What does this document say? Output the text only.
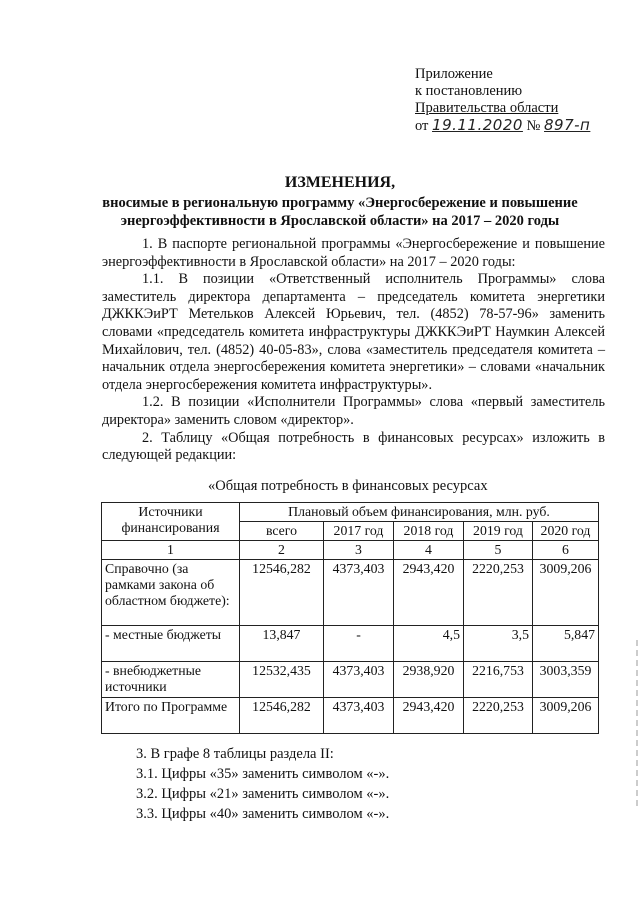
Приложение
к постановлению
Правительства области
от 19.11.2020 № 897-п
ИЗМЕНЕНИЯ,
вносимые в региональную программу «Энергосбережение и повышение энергоэффективности в Ярославской области» на 2017 – 2020 годы

1. В паспорте региональной программы «Энергосбережение и повышение энергоэффективности в Ярославской области» на 2017 – 2020 годы:

1.1. В позиции «Ответственный исполнитель Программы» слова заместитель директора департамента – председатель комитета энергетики ДЖККЭиРТ Метельков Алексей Юрьевич, тел. (4852) 78-57-96» заменить словами «председатель комитета инфраструктуры ДЖККЭиРТ Наумкин Алексей Михайлович, тел. (4852) 40-05-83», слова «заместитель председателя комитета – начальник отдела энергосбережения комитета энергетики» – словами «начальник отдела энергосбережения комитета инфраструктуры».

1.2. В позиции «Исполнители Программы» слова «первый заместитель директора» заменить словом «директор».

2. Таблицу «Общая потребность в финансовых ресурсах» изложить в следующей редакции:

«Общая потребность в финансовых ресурсах
Источники финансирования	Плановый объем финансирования, млн. руб.				
	всего	2017 год	2018 год	2019 год	2020 год
1	2	3	4	5	6
Справочно (за рамками закона об областном бюджете):	12546,282	4373,403	2943,420	2220,253	3009,206
- местные бюджеты	13,847	-	4,5	3,5	5,847
- внебюджетные источники	12532,435	4373,403	2938,920	2216,753	3003,359
Итого по Программе	12546,282	4373,403	2943,420	2220,253	3009,206

3. В графе 8 таблицы раздела II:

3.1. Цифры «35» заменить символом «-».

3.2. Цифры «21» заменить символом «-».

3.3. Цифры «40» заменить символом «-».
